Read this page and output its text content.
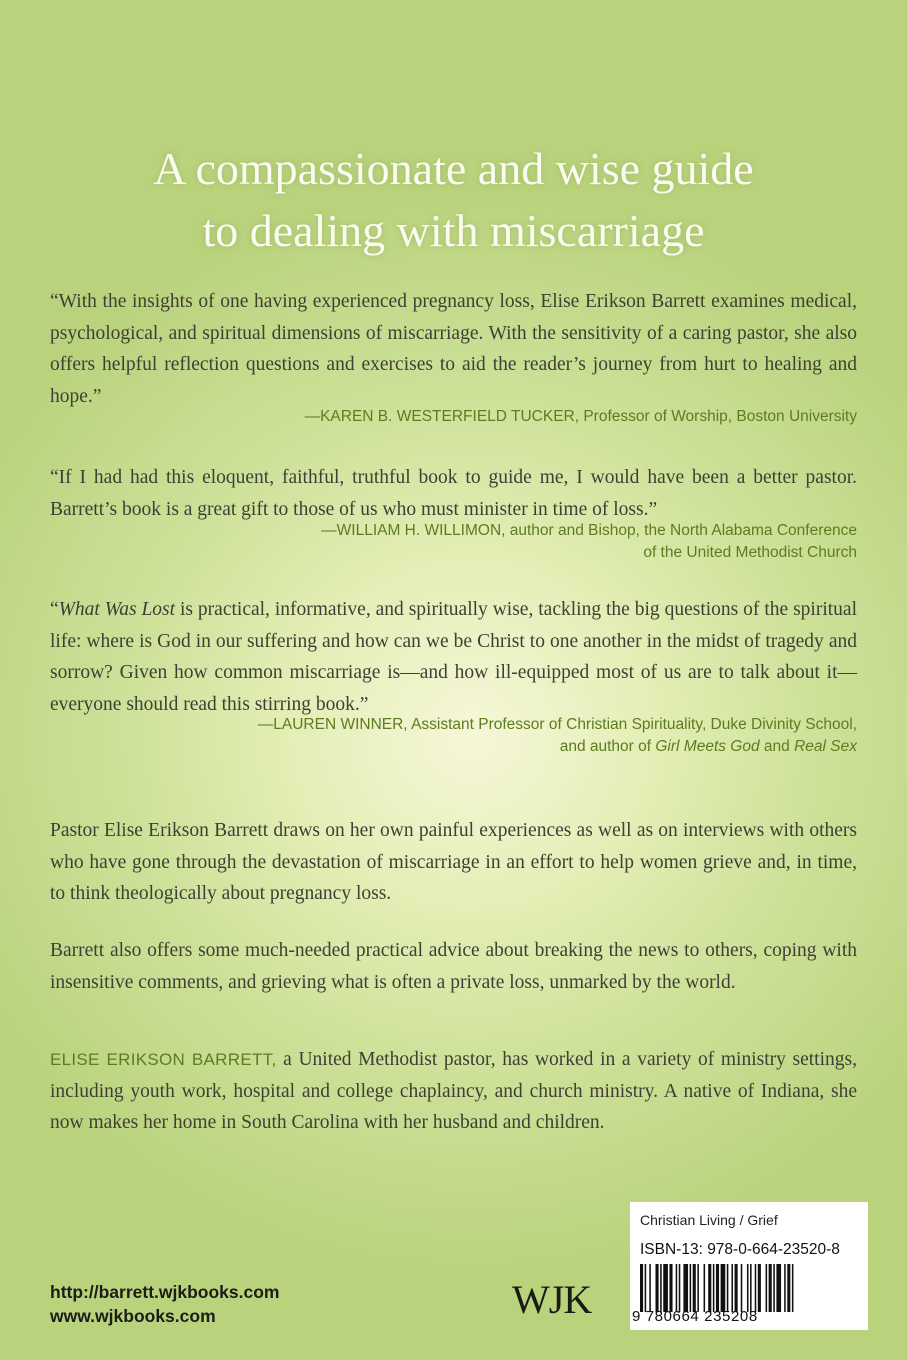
A compassionate and wise guide
to dealing with miscarriage
“With the insights of one having experienced pregnancy loss, Elise Erikson Barrett examines medical, psychological, and spiritual dimensions of miscarriage. With the sensitivity of a caring pastor, she also offers helpful reflection questions and exercises to aid the reader’s journey from hurt to healing and hope.”
—KAREN B. WESTERFIELD TUCKER, Professor of Worship, Boston University
“If I had had this eloquent, faithful, truthful book to guide me, I would have been a better pastor. Barrett’s book is a great gift to those of us who must minister in time of loss.”
—WILLIAM H. WILLIMON, author and Bishop, the North Alabama Conference
of the United Methodist Church
“What Was Lost is practical, informative, and spiritually wise, tackling the big questions of the spiritual life: where is God in our suffering and how can we be Christ to one another in the midst of tragedy and sorrow? Given how common miscarriage is—and how ill-equipped most of us are to talk about it—everyone should read this stirring book.”
—LAUREN WINNER, Assistant Professor of Christian Spirituality, Duke Divinity School,
and author of Girl Meets God and Real Sex
Pastor Elise Erikson Barrett draws on her own painful experiences as well as on interviews with others who have gone through the devastation of miscarriage in an effort to help women grieve and, in time, to think theologically about pregnancy loss.
Barrett also offers some much-needed practical advice about breaking the news to others, coping with insensitive comments, and grieving what is often a private loss, unmarked by the world.
ELISE ERIKSON BARRETT, a United Methodist pastor, has worked in a variety of ministry settings, including youth work, hospital and college chaplaincy, and church ministry. A native of Indiana, she now makes her home in South Carolina with her husband and children.
http://barrett.wjkbooks.com
www.wjkbooks.com	WJK
Christian Living / Grief
ISBN-13: 978-0-664-23520-8
9 780664 235208
